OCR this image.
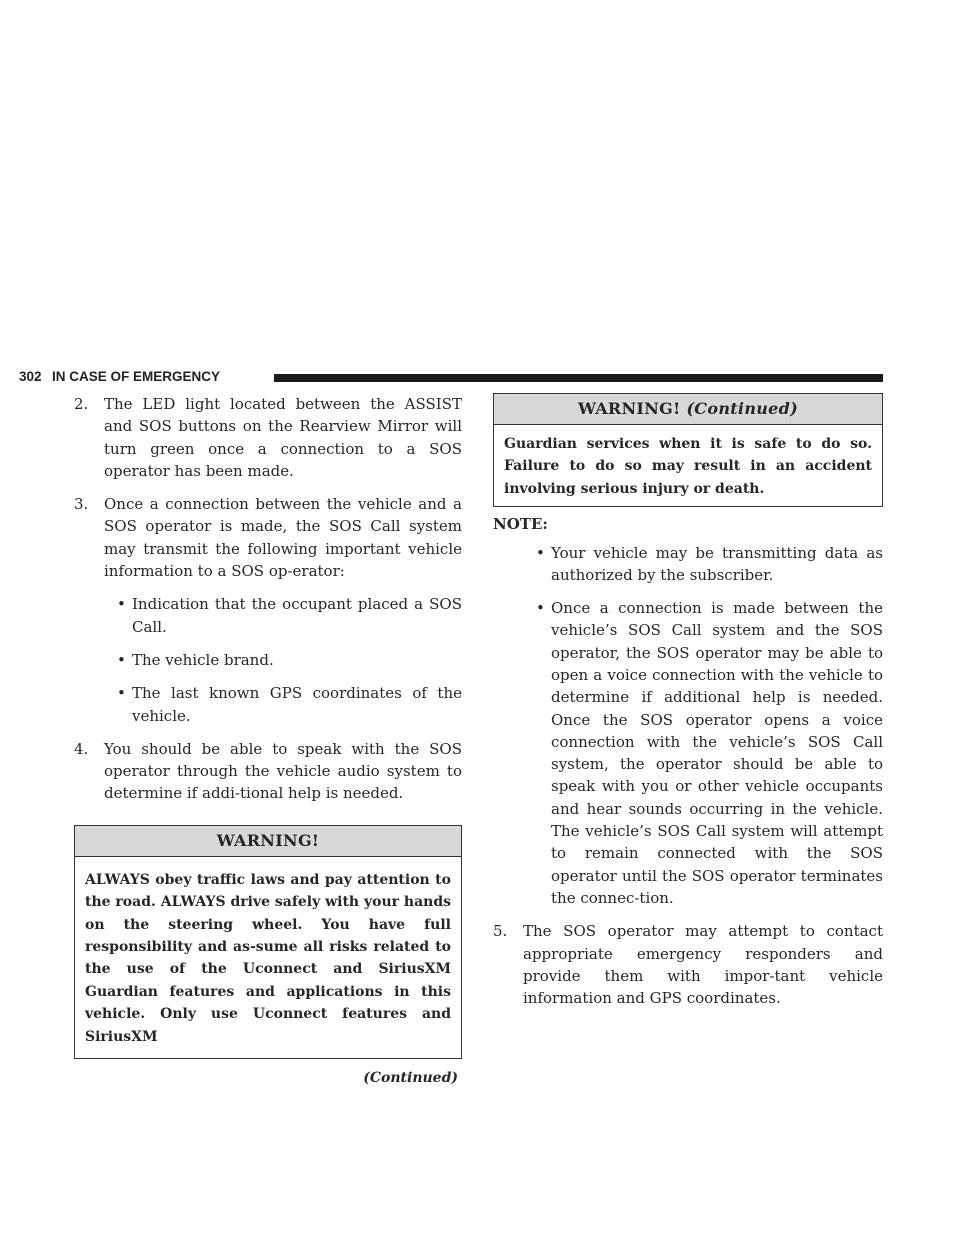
302 IN CASE OF EMERGENCY

2. The LED light located between the ASSIST and SOS buttons on the Rearview Mirror will turn green once a connection to a SOS operator has been made.

3. Once a connection between the vehicle and a SOS operator is made, the SOS Call system may transmit the following important vehicle information to a SOS op-erator:

• Indication that the occupant placed a SOS Call.
• The vehicle brand.
• The last known GPS coordinates of the vehicle.

4. You should be able to speak with the SOS operator through the vehicle audio system to determine if addi-tional help is needed.

WARNING!
ALWAYS obey traffic laws and pay attention to the road. ALWAYS drive safely with your hands on the steering wheel. You have full responsibility and as-sume all risks related to the use of the Uconnect and SiriusXM Guardian features and applications in this vehicle. Only use Uconnect features and SiriusXM
(Continued)
WARNING! (Continued)
Guardian services when it is safe to do so. Failure to do so may result in an accident involving serious injury or death.
NOTE:
• Your vehicle may be transmitting data as authorized by the subscriber.
• Once a connection is made between the vehicle’s SOS Call system and the SOS operator, the SOS operator may be able to open a voice connection with the vehicle to determine if additional help is needed. Once the SOS operator opens a voice connection with the vehicle’s SOS Call system, the operator should be able to speak with you or other vehicle occupants and hear sounds occurring in the vehicle. The vehicle’s SOS Call system will attempt to remain connected with the SOS operator until the SOS operator terminates the connec-tion.

5. The SOS operator may attempt to contact appropriate emergency responders and provide them with impor-tant vehicle information and GPS coordinates.
